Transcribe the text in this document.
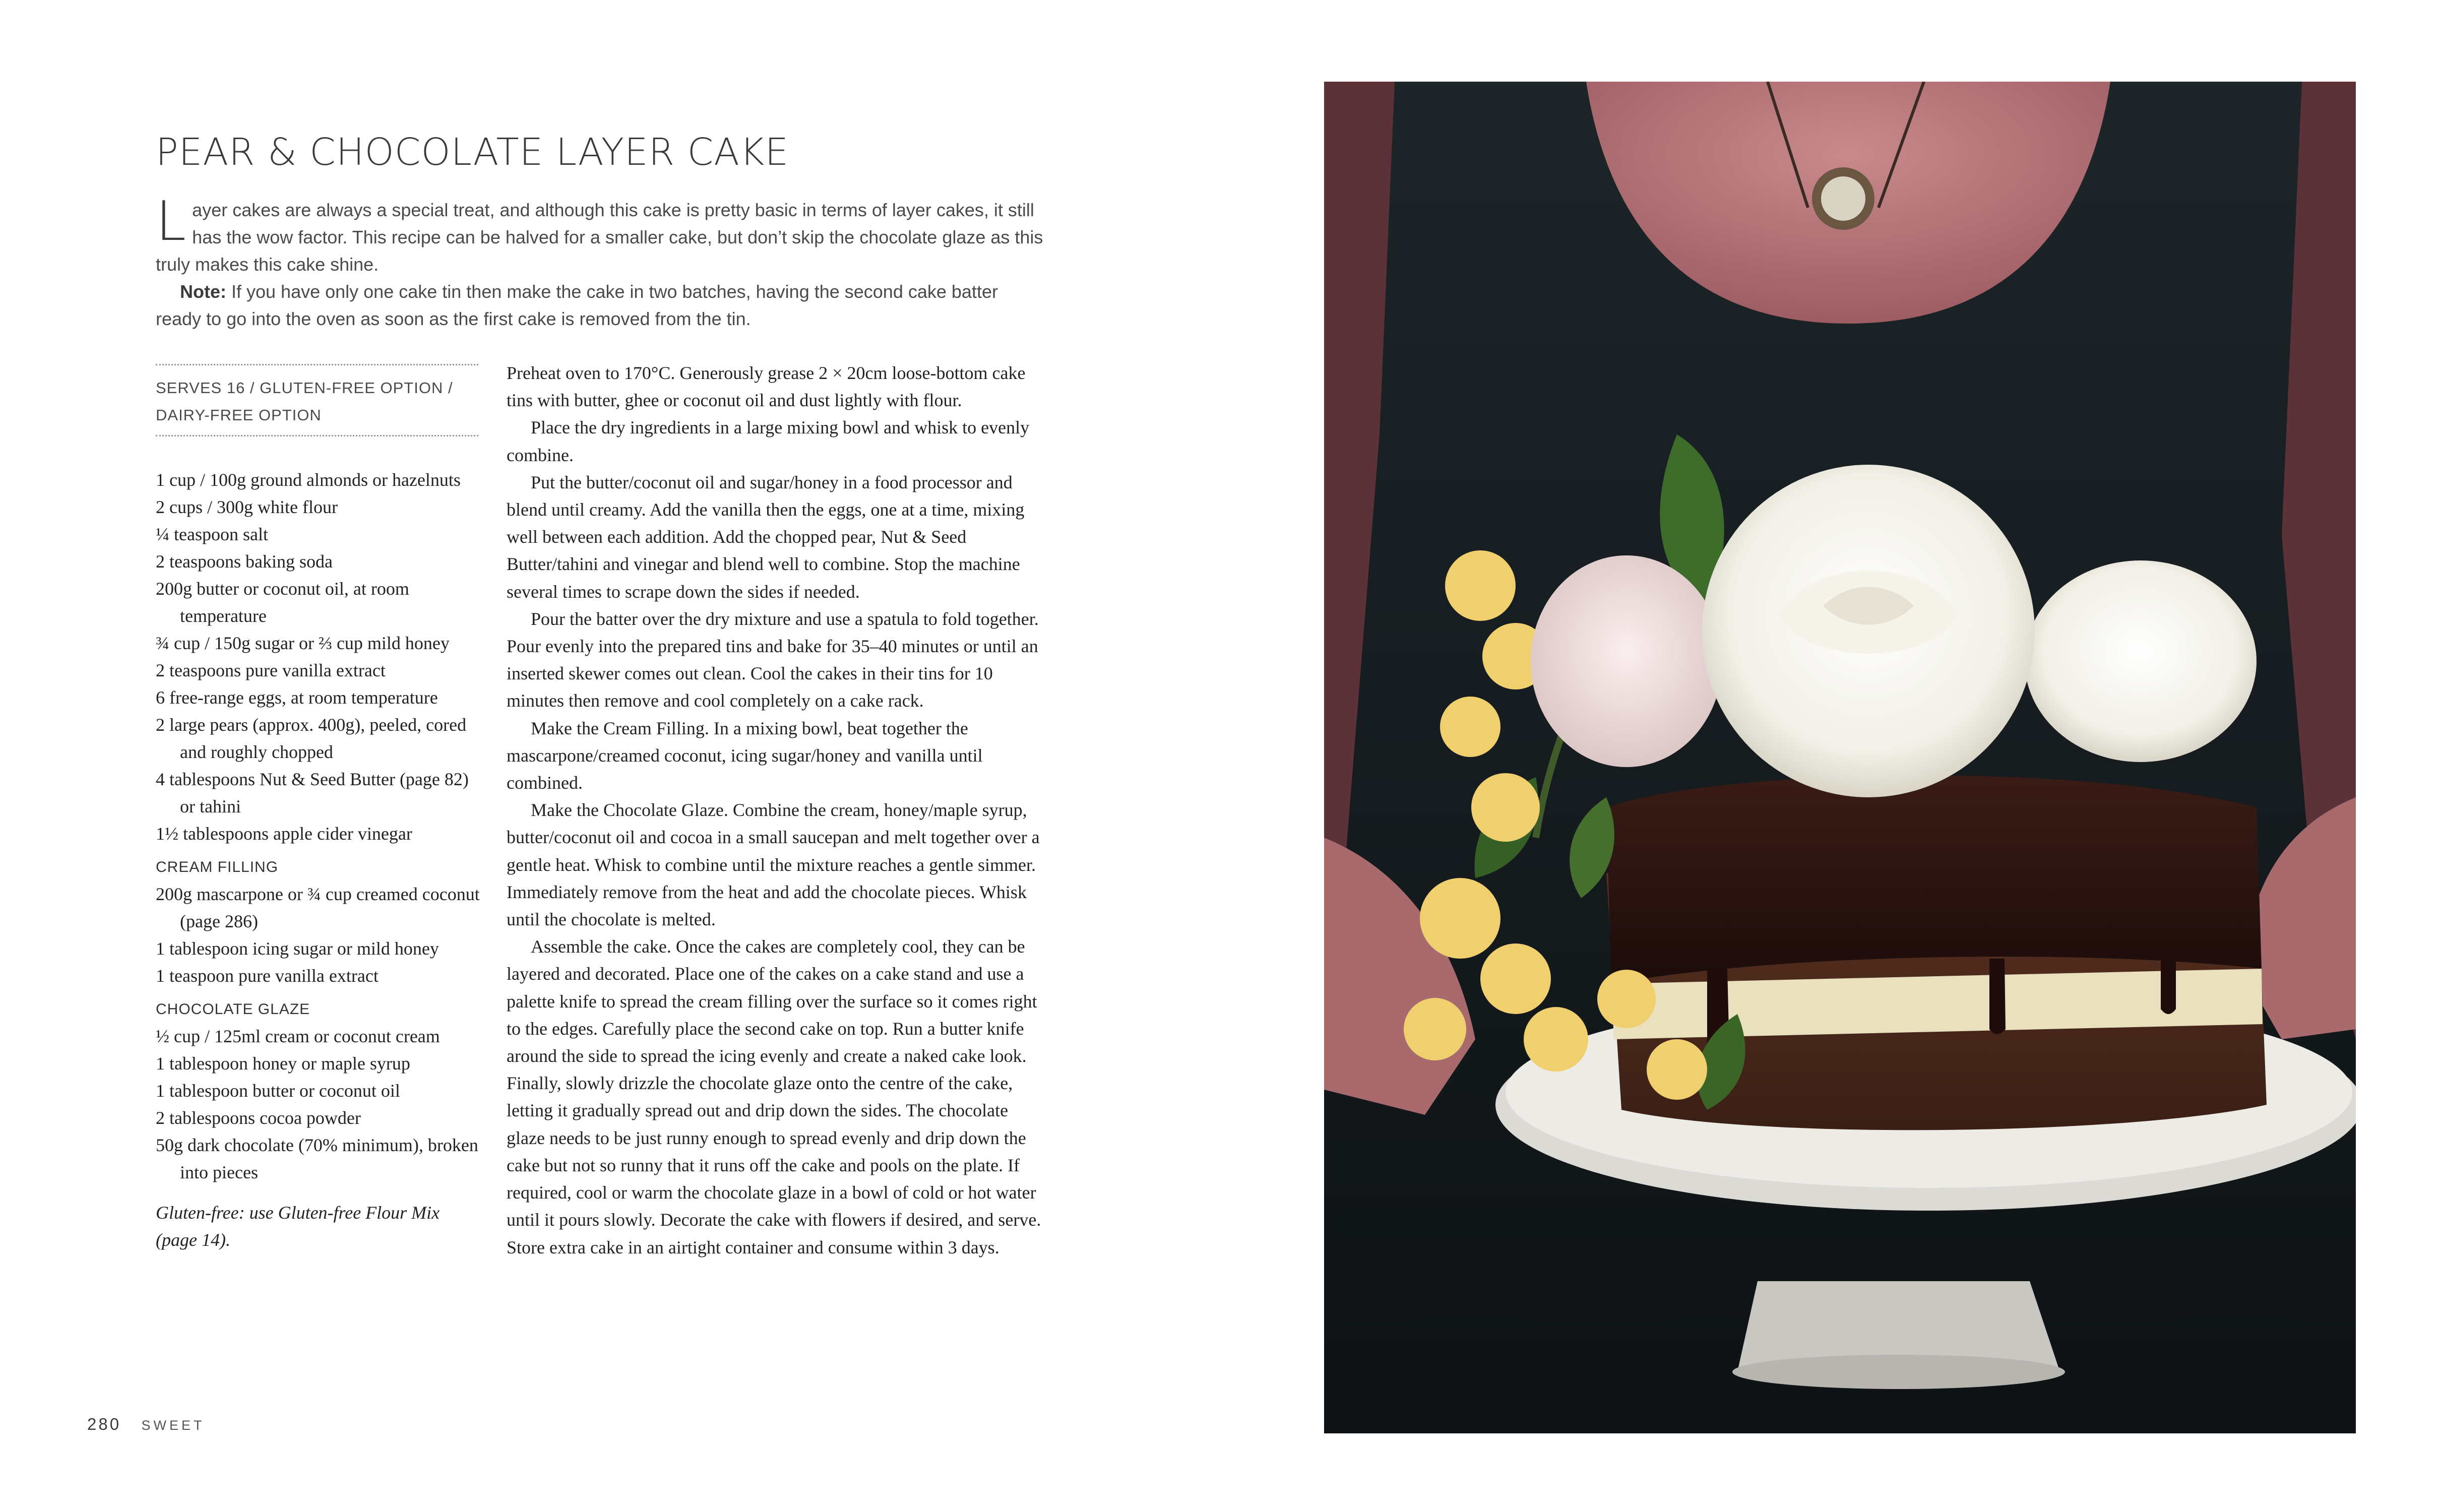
PEAR & CHOCOLATE LAYER CAKE

Layer cakes are always a special treat, and although this cake is pretty basic in terms of layer cakes, it still has the wow factor. This recipe can be halved for a smaller cake, but don’t skip the chocolate glaze as this truly makes this cake shine.

Note: If you have only one cake tin then make the cake in two batches, having the second cake batter ready to go into the oven as soon as the first cake is removed from the tin.

SERVES 16 / GLUTEN-FREE OPTION / DAIRY-FREE OPTION
1 cup / 100g ground almonds or hazelnuts
2 cups / 300g white flour
¼ teaspoon salt
2 teaspoons baking soda
200g butter or coconut oil, at room temperature
¾ cup / 150g sugar or ⅔ cup mild honey
2 teaspoons pure vanilla extract
6 free-range eggs, at room temperature
2 large pears (approx. 400g), peeled, cored and roughly chopped
4 tablespoons Nut & Seed Butter (page 82) or tahini
1½ tablespoons apple cider vinegar
CREAM FILLING
200g mascarpone or ¾ cup creamed coconut (page 286)
1 tablespoon icing sugar or mild honey
1 teaspoon pure vanilla extract
CHOCOLATE GLAZE
½ cup / 125ml cream or coconut cream
1 tablespoon honey or maple syrup
1 tablespoon butter or coconut oil
2 tablespoons cocoa powder
50g dark chocolate (70% minimum), broken into pieces
Gluten-free: use Gluten-free Flour Mix (page 14).

Preheat oven to 170°C. Generously grease 2 × 20cm loose-bottom cake tins with butter, ghee or coconut oil and dust lightly with flour.

Place the dry ingredients in a large mixing bowl and whisk to evenly combine.

Put the butter/coconut oil and sugar/honey in a food processor and blend until creamy. Add the vanilla then the eggs, one at a time, mixing well between each addition. Add the chopped pear, Nut & Seed Butter/tahini and vinegar and blend well to combine. Stop the machine several times to scrape down the sides if needed.

Pour the batter over the dry mixture and use a spatula to fold together. Pour evenly into the prepared tins and bake for 35–40 minutes or until an inserted skewer comes out clean. Cool the cakes in their tins for 10 minutes then remove and cool completely on a cake rack.

Make the Cream Filling. In a mixing bowl, beat together the mascarpone/creamed coconut, icing sugar/honey and vanilla until combined.

Make the Chocolate Glaze. Combine the cream, honey/maple syrup, butter/coconut oil and cocoa in a small saucepan and melt together over a gentle heat. Whisk to combine until the mixture reaches a gentle simmer. Immediately remove from the heat and add the chocolate pieces. Whisk until the chocolate is melted.

Assemble the cake. Once the cakes are completely cool, they can be layered and decorated. Place one of the cakes on a cake stand and use a palette knife to spread the cream filling over the surface so it comes right to the edges. Carefully place the second cake on top. Run a butter knife around the side to spread the icing evenly and create a naked cake look. Finally, slowly drizzle the chocolate glaze onto the centre of the cake, letting it gradually spread out and drip down the sides. The chocolate glaze needs to be just runny enough to spread evenly and drip down the cake but not so runny that it runs off the cake and pools on the plate. If required, cool or warm the chocolate glaze in a bowl of cold or hot water until it pours slowly. Decorate the cake with flowers if desired, and serve. Store extra cake in an airtight container and consume within 3 days.

280 SWEET
